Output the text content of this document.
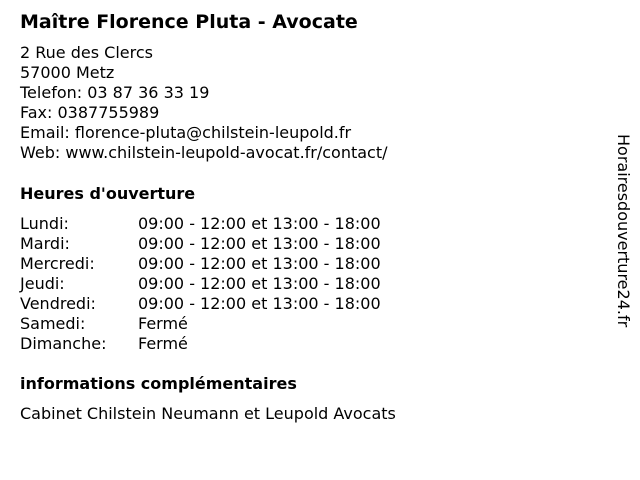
Maître Florence Pluta - Avocate
2 Rue des Clercs
57000 Metz
Telefon: 03 87 36 33 19
Fax: 0387755989
Email: florence-pluta@chilstein-leupold.fr
Web: www.chilstein-leupold-avocat.fr/contact/
Heures d'ouverture
Lundi:	09:00 - 12:00 et 13:00 - 18:00
Mardi:	09:00 - 12:00 et 13:00 - 18:00
Mercredi:	09:00 - 12:00 et 13:00 - 18:00
Jeudi:	09:00 - 12:00 et 13:00 - 18:00
Vendredi:	09:00 - 12:00 et 13:00 - 18:00
Samedi:	Fermé
Dimanche: Fermé
informations complémentaires
Cabinet Chilstein Neumann et Leupold Avocats
Horairesdouverture24.fr
